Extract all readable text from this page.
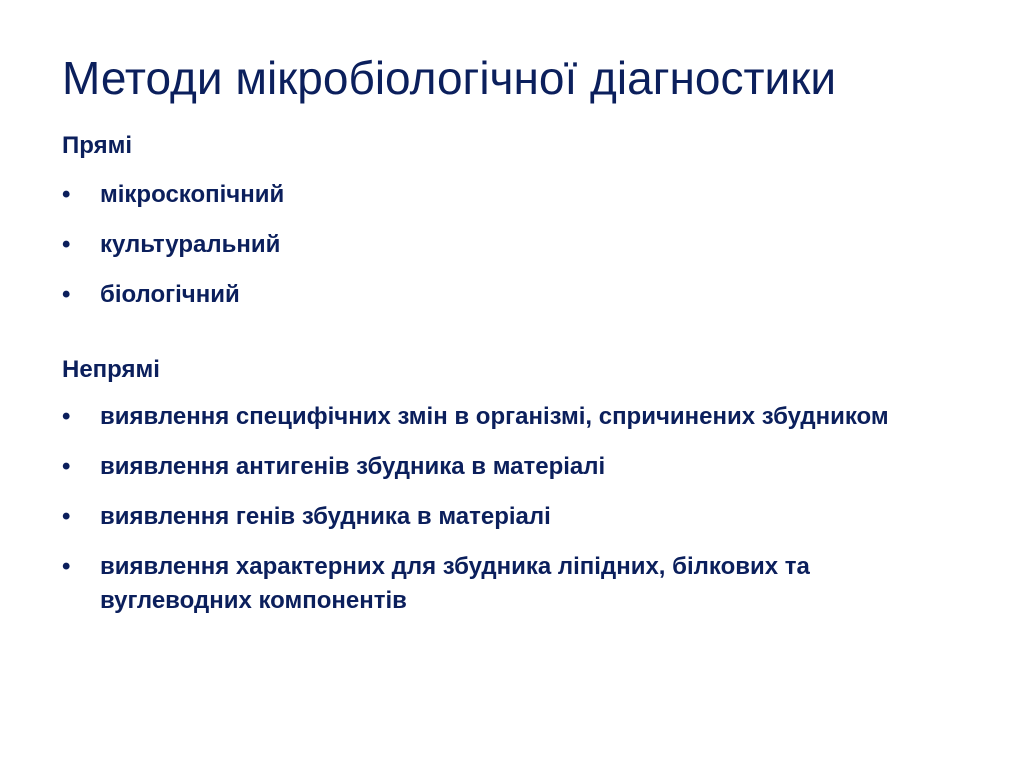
Методи мікробіологічної діагностики
Прямі
•	мікроскопічний
•	культуральний
•	біологічний
Непрямі
•	виявлення специфічних змін в організмі, спричинених збудником
•	виявлення антигенів збудника в матеріалі
•	виявлення генів збудника в матеріалі
•	виявлення характерних для збудника ліпідних, білкових та вуглеводних компонентів
